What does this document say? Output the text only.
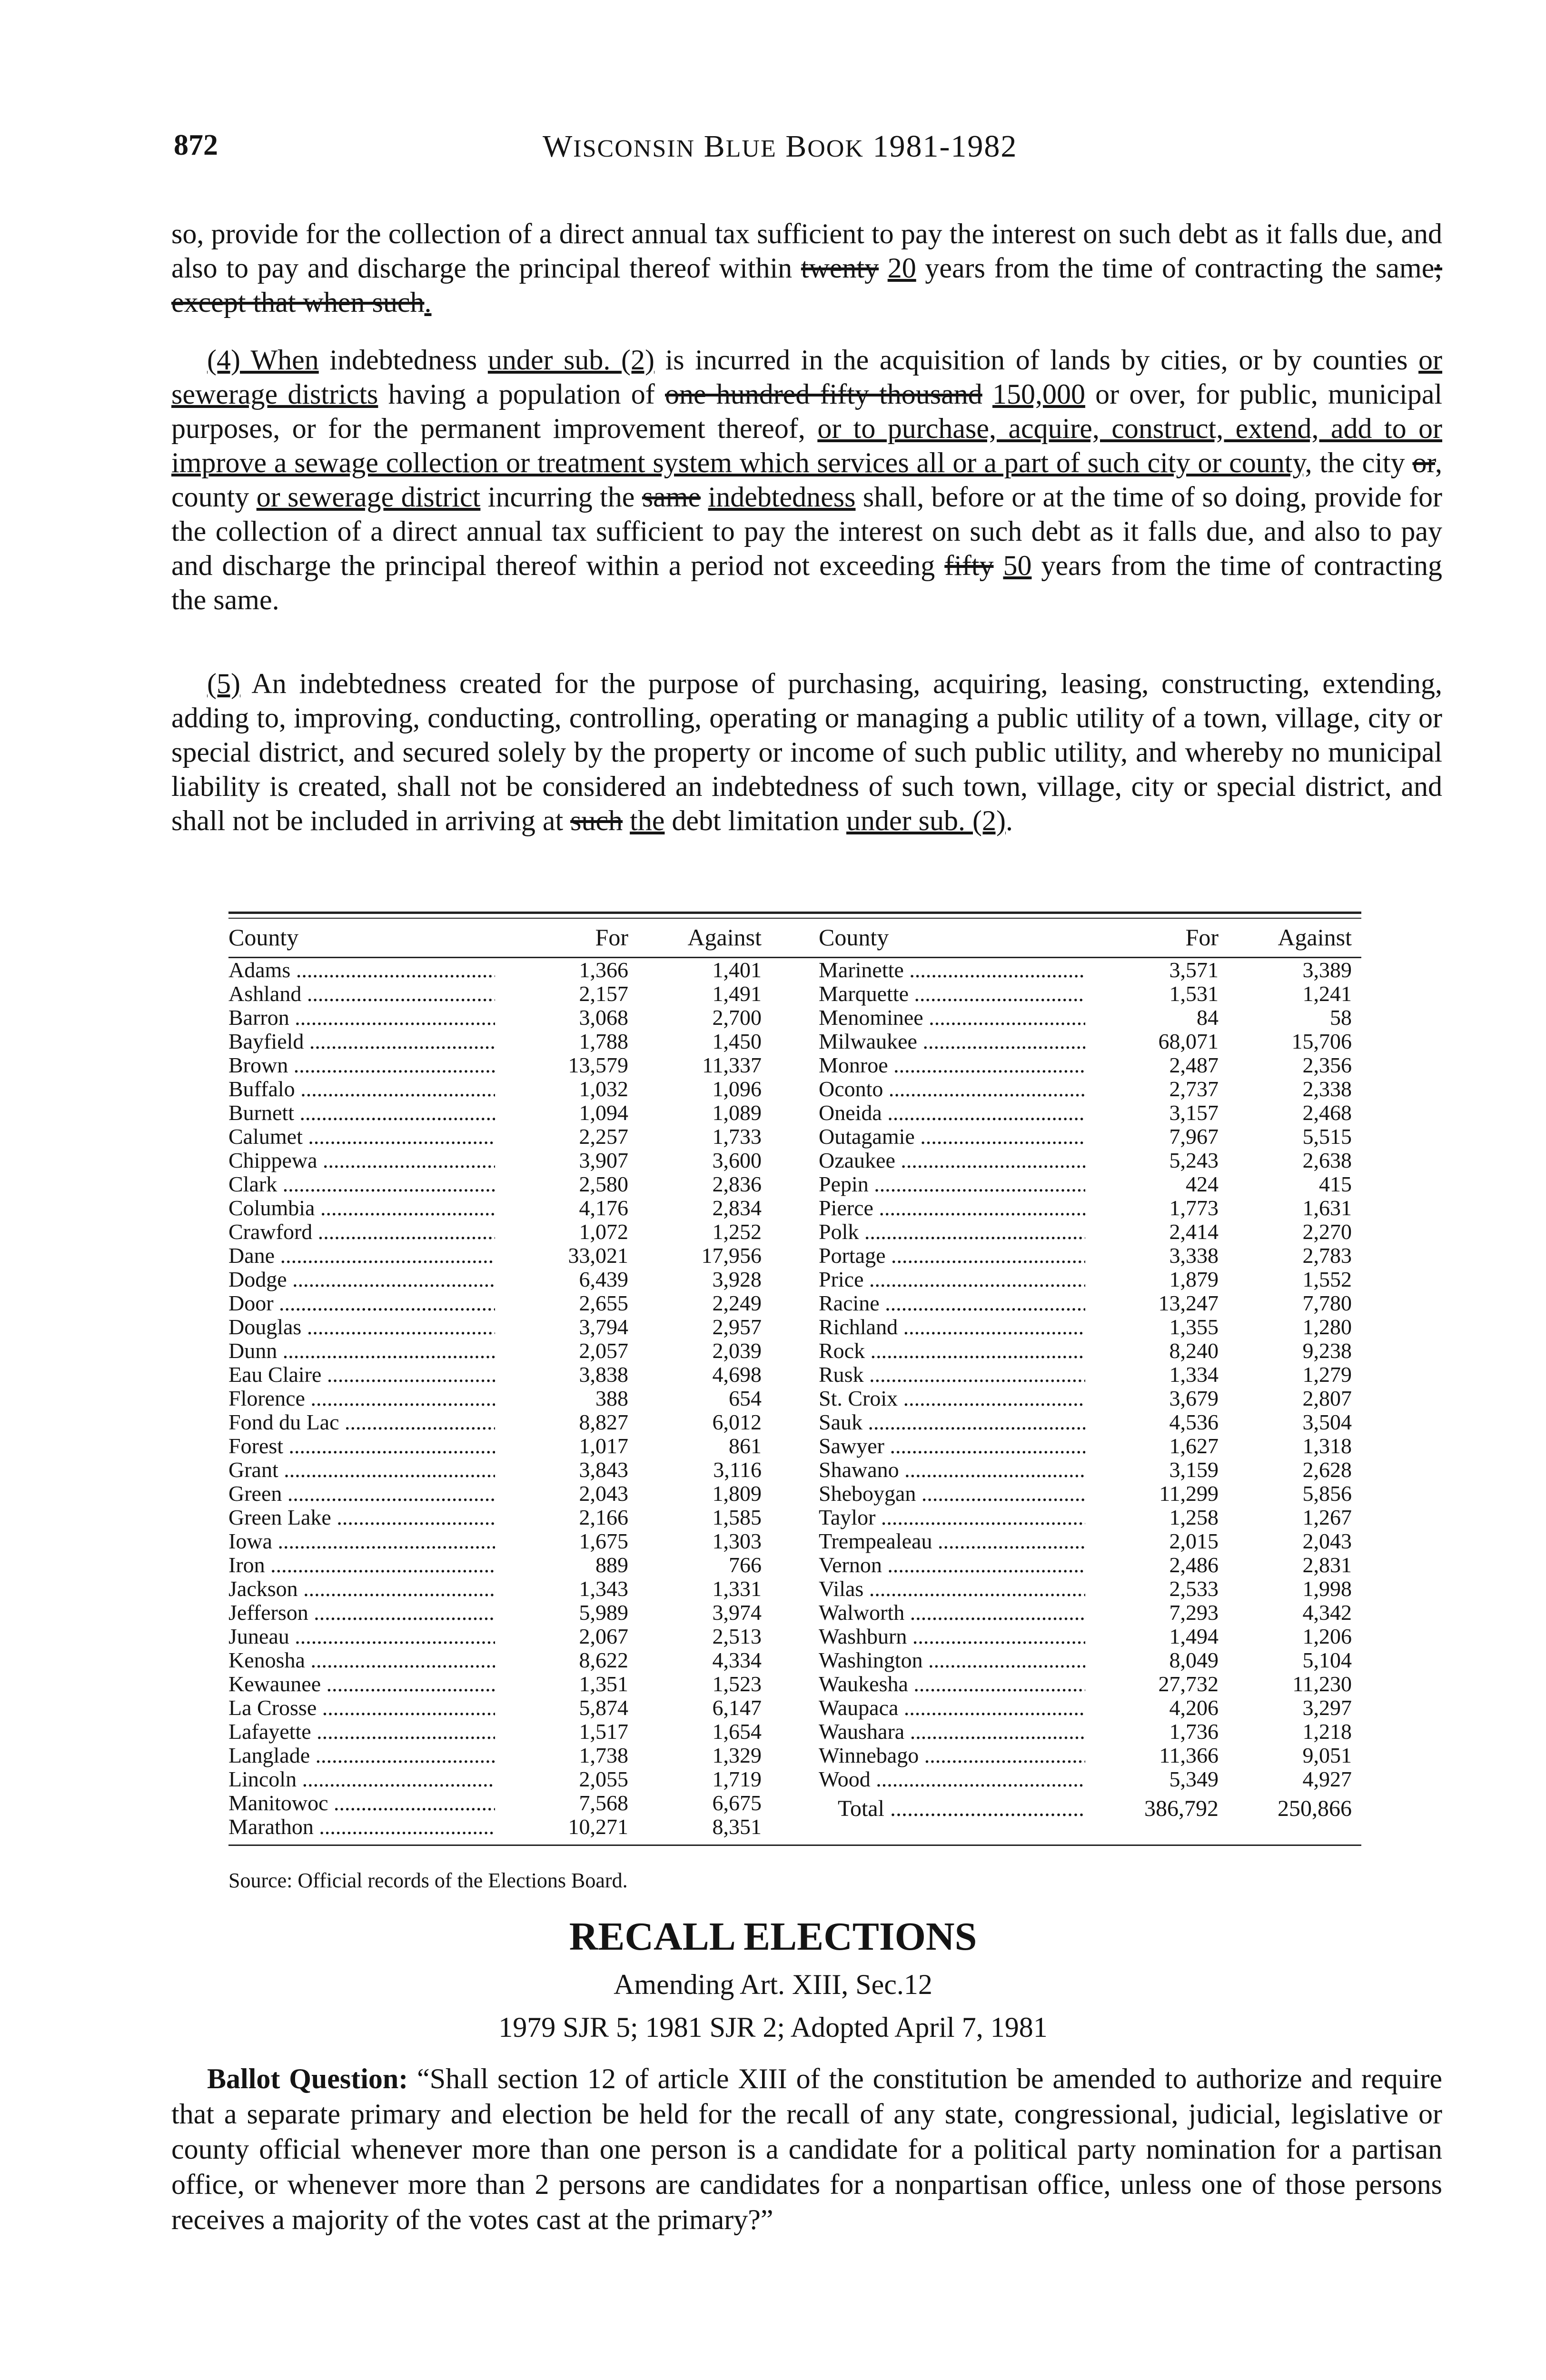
872	WISCONSIN BLUE BOOK 1981-1982

so, provide for the collection of a direct annual tax sufficient to pay the interest on such debt as it falls due, and also to pay and discharge the principal thereof within twenty 20 years from the time of contracting the same; except that when such.

(4) When indebtedness under sub. (2) is incurred in the acquisition of lands by cities, or by counties or sewerage districts having a population of one hundred fifty thousand 150,000 or over, for public, municipal purposes, or for the permanent improvement thereof, or to purchase, acquire, construct, extend, add to or improve a sewage collection or treatment system which services all or a part of such city or county, the city or, county or sewerage district incurring the same indebtedness shall, before or at the time of so doing, provide for the collection of a direct annual tax sufficient to pay the interest on such debt as it falls due, and also to pay and discharge the principal thereof within a period not exceeding fifty 50 years from the time of contracting the same.

(5) An indebtedness created for the purpose of purchasing, acquiring, leasing, constructing, extending, adding to, improving, conducting, controlling, operating or managing a public utility of a town, village, city or special district, and secured solely by the property or income of such public utility, and whereby no municipal liability is created, shall not be considered an indebtedness of such town, village, city or special district, and shall not be included in arriving at such the debt limitation under sub. (2).

County	For	Against County	For	Against
Adams .....	1,366	1,401
Ashland .....	2,157	1,491
Barron .....	3,068	2,700
Bayfield .....	1,788	1,450
Brown .....	13,579	11,337
Buffalo .....	1,032	1,096
Burnett .....	1,094	1,089
Calumet .....	2,257	1,733
Chippewa .....	3,907	3,600
Clark .....	2,580	2,836
Columbia .....	4,176	2,834
Crawford .....	1,072	1,252
Dane .....	33,021	17,956
Dodge .....	6,439	3,928
Door .....	2,655	2,249
Douglas .....	3,794	2,957
Dunn .....	2,057	2,039
Eau Claire .....	3,838	4,698
Florence .....	388	654
Fond du Lac .....	8,827	6,012
Forest .....	1,017	861
Grant .....	3,843	3,116
Green .....	2,043	1,809
Green Lake .....	2,166	1,585
Iowa .....	1,675	1,303
Iron .....	889	766
Jackson .....	1,343	1,331
Jefferson .....	5,989	3,974
Juneau .....	2,067	2,513
Kenosha .....	8,622	4,334
Kewaunee .....	1,351	1,523
La Crosse .....	5,874	6,147
Lafayette .....	1,517	1,654
Langlade .....	1,738	1,329
Lincoln .....	2,055	1,719
Manitowoc .....	7,568	6,675
Marathon .....	10,271	8,351
Marinette .....	3,571	3,389
Marquette .....	1,531	1,241
Menominee .....	84	58
Milwaukee .....	68,071	15,706
Monroe .....	2,487	2,356
Oconto .....	2,737	2,338
Oneida .....	3,157	2,468
Outagamie .....	7,967	5,515
Ozaukee .....	5,243	2,638
Pepin .....	424	415
Pierce .....	1,773	1,631
Polk .....	2,414	2,270
Portage .....	3,338	2,783
Price .....	1,879	1,552
Racine .....	13,247	7,780
Richland .....	1,355	1,280
Rock .....	8,240	9,238
Rusk .....	1,334	1,279
St. Croix .....	3,679	2,807
Sauk .....	4,536	3,504
Sawyer .....	1,627	1,318
Shawano .....	3,159	2,628
Sheboygan .....	11,299	5,856
Taylor .....	1,258	1,267
Trempealeau .....	2,015	2,043
Vernon .....	2,486	2,831
Vilas .....	2,533	1,998
Walworth .....	7,293	4,342
Washburn .....	1,494	1,206
Washington .....	8,049	5,104
Waukesha .....	27,732	11,230
Waupaca .....	4,206	3,297
Waushara .....	1,736	1,218
Winnebago .....	11,366	9,051
Wood .....	5,349	4,927
Total .....	386,792	250,866
Source: Official records of the Elections Board.
RECALL ELECTIONS
Amending Art. XIII, Sec.12
1979 SJR 5; 1981 SJR 2; Adopted April 7, 1981
Ballot Question: “Shall section 12 of article XIII of the constitution be amended to authorize and require that a separate primary and election be held for the recall of any state, congressional, judicial, legislative or county official whenever more than one person is a candidate for a political party nomination for a partisan office, or whenever more than 2 persons are candidates for a nonpartisan office, unless one of those persons receives a majority of the votes cast at the primary?”
